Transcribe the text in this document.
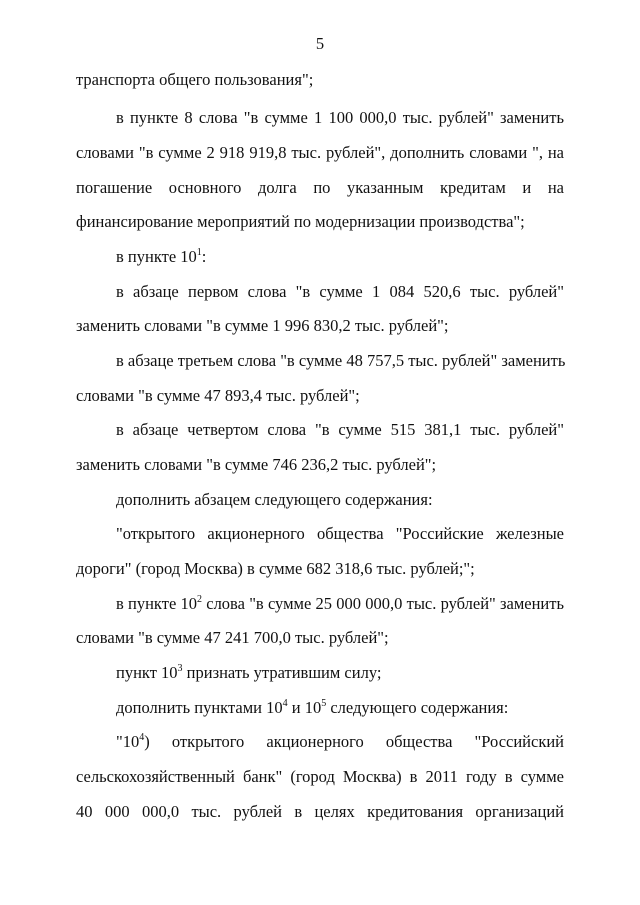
5
транспорта общего пользования";
в пункте 8 слова "в сумме 1 100 000,0 тыс. рублей" заменить
словами "в сумме 2 918 919,8 тыс. рублей", дополнить словами ", на
погашение основного долга по указанным кредитам и на
финансирование мероприятий по модернизации производства";
в пункте $10^1$:
в абзаце первом слова "в сумме 1 084 520,6 тыс. рублей"
заменить словами "в сумме 1 996 830,2 тыс. рублей";
в абзаце третьем слова "в сумме 48 757,5 тыс. рублей" заменить
словами "в сумме 47 893,4 тыс. рублей";
в абзаце четвертом слова "в сумме 515 381,1 тыс. рублей"
заменить словами "в сумме 746 236,2 тыс. рублей";
дополнить абзацем следующего содержания:
"открытого акционерного общества "Российские железные
дороги" (город Москва) в сумме 682 318,6 тыс. рублей;";
в пункте $10^2$ слова "в сумме 25 000 000,0 тыс. рублей" заменить
словами "в сумме 47 241 700,0 тыс. рублей";
пункт $10^3$ признать утратившим силу;
дополнить пунктами $10^4$ и $10^5$ следующего содержания:
"$10^4$) открытого акционерного общества "Российский
сельскохозяйственный банк" (город Москва) в 2011 году в сумме
40 000 000,0 тыс. рублей в целях кредитования организаций
